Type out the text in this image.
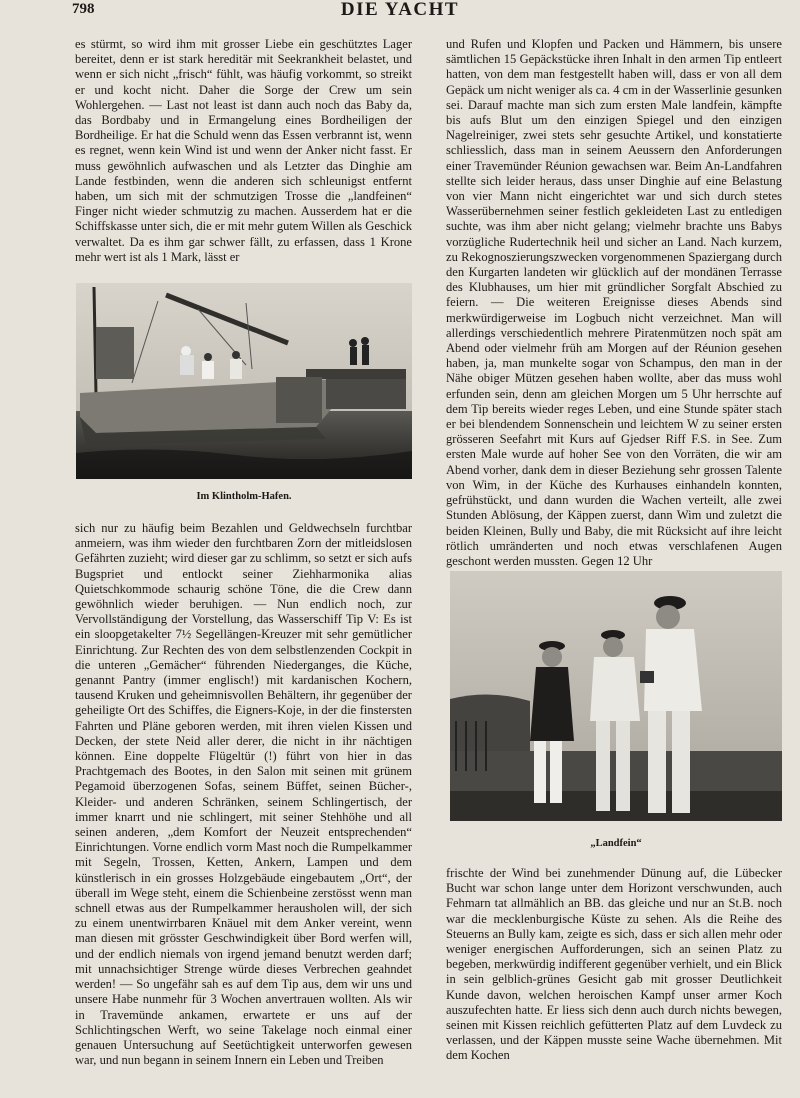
798	DIE YACHT

es stürmt, so wird ihm mit grosser Liebe ein geschütztes Lager bereitet, denn er ist stark hereditär mit Seekrankheit belastet, und wenn er sich nicht „frisch“ fühlt, was häufig vorkommt, so streikt er und kocht nicht. Daher die Sorge der Crew um sein Wohlergehen. — Last not least ist dann auch noch das Baby da, das Bordbaby und in Ermangelung eines Bordheiligen der Bordheilige. Er hat die Schuld wenn das Essen verbrannt ist, wenn es regnet, wenn kein Wind ist und wenn der Anker nicht fasst. Er muss gewöhnlich aufwaschen und als Letzter das Dinghie am Lande festbinden, wenn die anderen sich schleunigst entfernt haben, um sich mit der schmutzigen Trosse die „landfeinen“ Finger nicht wieder schmutzig zu machen. Ausserdem hat er die Schiffskasse unter sich, die er mit mehr gutem Willen als Geschick verwaltet. Da es ihm gar schwer fällt, zu erfassen, dass 1 Krone mehr wert ist als 1 Mark, lässt er

Im Klintholm-Hafen.

sich nur zu häufig beim Bezahlen und Geldwechseln furchtbar anmeiern, was ihm wieder den furchtbaren Zorn der mitleidslosen Gefährten zuzieht; wird dieser gar zu schlimm, so setzt er sich aufs Bugspriet und entlockt seiner Ziehharmonika alias Quietschkommode schaurig schöne Töne, die die Crew dann gewöhnlich wieder beruhigen. — Nun endlich noch, zur Vervollständigung der Vorstellung, das Wasserschiff Tip V: Es ist ein sloopgetakelter 7½ Segellängen-Kreuzer mit sehr gemütlicher Einrichtung. Zur Rechten des von dem selbstlenzenden Cockpit in die unteren „Gemächer“ führenden Niederganges, die Küche, genannt Pantry (immer englisch!) mit kardanischen Kochern, tausend Kruken und geheimnisvollen Behältern, ihr gegenüber der geheiligte Ort des Schiffes, die Eigners-Koje, in der die finstersten Fahrten und Pläne geboren werden, mit ihren vielen Kissen und Decken, der stete Neid aller derer, die nicht in ihr nächtigen können. Eine doppelte Flügeltür (!) führt von hier in das Prachtgemach des Bootes, in den Salon mit seinen mit grünem Pegamoid überzogenen Sofas, seinem Büffet, seinen Bücher-, Kleider- und anderen Schränken, seinem Schlingertisch, der immer knarrt und nie schlingert, mit seiner Stehhöhe und all seinen anderen, „dem Komfort der Neuzeit entsprechenden“ Einrichtungen. Vorne endlich vorm Mast noch die Rumpelkammer mit Segeln, Trossen, Ketten, Ankern, Lampen und dem künstlerisch in ein grosses Holzgebäude eingebautem „Ort“, der überall im Wege steht, einem die Schienbeine zerstösst wenn man schnell etwas aus der Rumpelkammer herausholen will, der sich zu einem unentwirrbaren Knäuel mit dem Anker vereint, wenn man diesen mit grösster Geschwindigkeit über Bord werfen will, und der endlich niemals von irgend jemand benutzt werden darf; mit unnachsichtiger Strenge würde dieses Verbrechen geahndet werden! — So ungefähr sah es auf dem Tip aus, dem wir uns und unsere Habe nunmehr für 3 Wochen anvertrauen wollten. Als wir in Travemünde ankamen, erwartete er uns auf der Schlichtingschen Werft, wo seine Takelage noch einmal einer genauen Untersuchung auf Seetüchtigkeit unterworfen gewesen war, und nun begann in seinem Innern ein Leben und Treiben

und Rufen und Klopfen und Packen und Hämmern, bis unsere sämtlichen 15 Gepäckstücke ihren Inhalt in den armen Tip entleert hatten, von dem man festgestellt haben will, dass er von all dem Gepäck um nicht weniger als ca. 4 cm in der Wasserlinie gesunken sei. Darauf machte man sich zum ersten Male landfein, kämpfte bis aufs Blut um den einzigen Spiegel und den einzigen Nagelreiniger, zwei stets sehr gesuchte Artikel, und konstatierte schliesslich, dass man in seinem Aeussern den Anforderungen einer Travemünder Réunion gewachsen war. Beim An-Landfahren stellte sich leider heraus, dass unser Dinghie auf eine Belastung von vier Mann nicht eingerichtet war und sich durch stetes Wasserübernehmen seiner festlich gekleideten Last zu entledigen suchte, was ihm aber nicht gelang; vielmehr brachte uns Babys vorzügliche Rudertechnik heil und sicher an Land. Nach kurzem, zu Rekognoszierungszwecken vorgenommenen Spaziergang durch den Kurgarten landeten wir glücklich auf der mondänen Terrasse des Klubhauses, um hier mit gründlicher Sorgfalt Abschied zu feiern. — Die weiteren Ereignisse dieses Abends sind merkwürdigerweise im Logbuch nicht verzeichnet. Man will allerdings verschiedentlich mehrere Piratenmützen noch spät am Abend oder vielmehr früh am Morgen auf der Réunion gesehen haben, ja, man munkelte sogar von Schampus, den man in der Nähe obiger Mützen gesehen haben wollte, aber das muss wohl erfunden sein, denn am gleichen Morgen um 5 Uhr herrschte auf dem Tip bereits wieder reges Leben, und eine Stunde später stach er bei blendendem Sonnenschein und leichtem W zu seiner ersten grösseren Seefahrt mit Kurs auf Gjedser Riff F.S. in See. Zum ersten Male wurde auf hoher See von den Vorräten, die wir am Abend vorher, dank dem in dieser Beziehung sehr grossen Talente von Wim, in der Küche des Kurhauses einhandeln konnten, gefrühstückt, und dann wurden die Wachen verteilt, alle zwei Stunden Ablösung, der Käppen zuerst, dann Wim und zuletzt die beiden Kleinen, Bully und Baby, die mit Rücksicht auf ihre leicht rötlich umränderten und noch etwas verschlafenen Augen geschont werden mussten. Gegen 12 Uhr

„Landfein“

frischte der Wind bei zunehmender Dünung auf, die Lübecker Bucht war schon lange unter dem Horizont verschwunden, auch Fehmarn tat allmählich an BB. das gleiche und nur an St.B. noch war die mecklenburgische Küste zu sehen. Als die Reihe des Steuerns an Bully kam, zeigte es sich, dass er sich allen mehr oder weniger energischen Aufforderungen, sich an seinen Platz zu begeben, merkwürdig indifferent gegenüber verhielt, und ein Blick in sein gelblich-grünes Gesicht gab mit grosser Deutlichkeit Kunde davon, welchen heroischen Kampf unser armer Koch auszufechten hatte. Er liess sich denn auch durch nichts bewegen, seinen mit Kissen reichlich gefütterten Platz auf dem Luvdeck zu verlassen, und der Käppen musste seine Wache übernehmen. Mit dem Kochen
